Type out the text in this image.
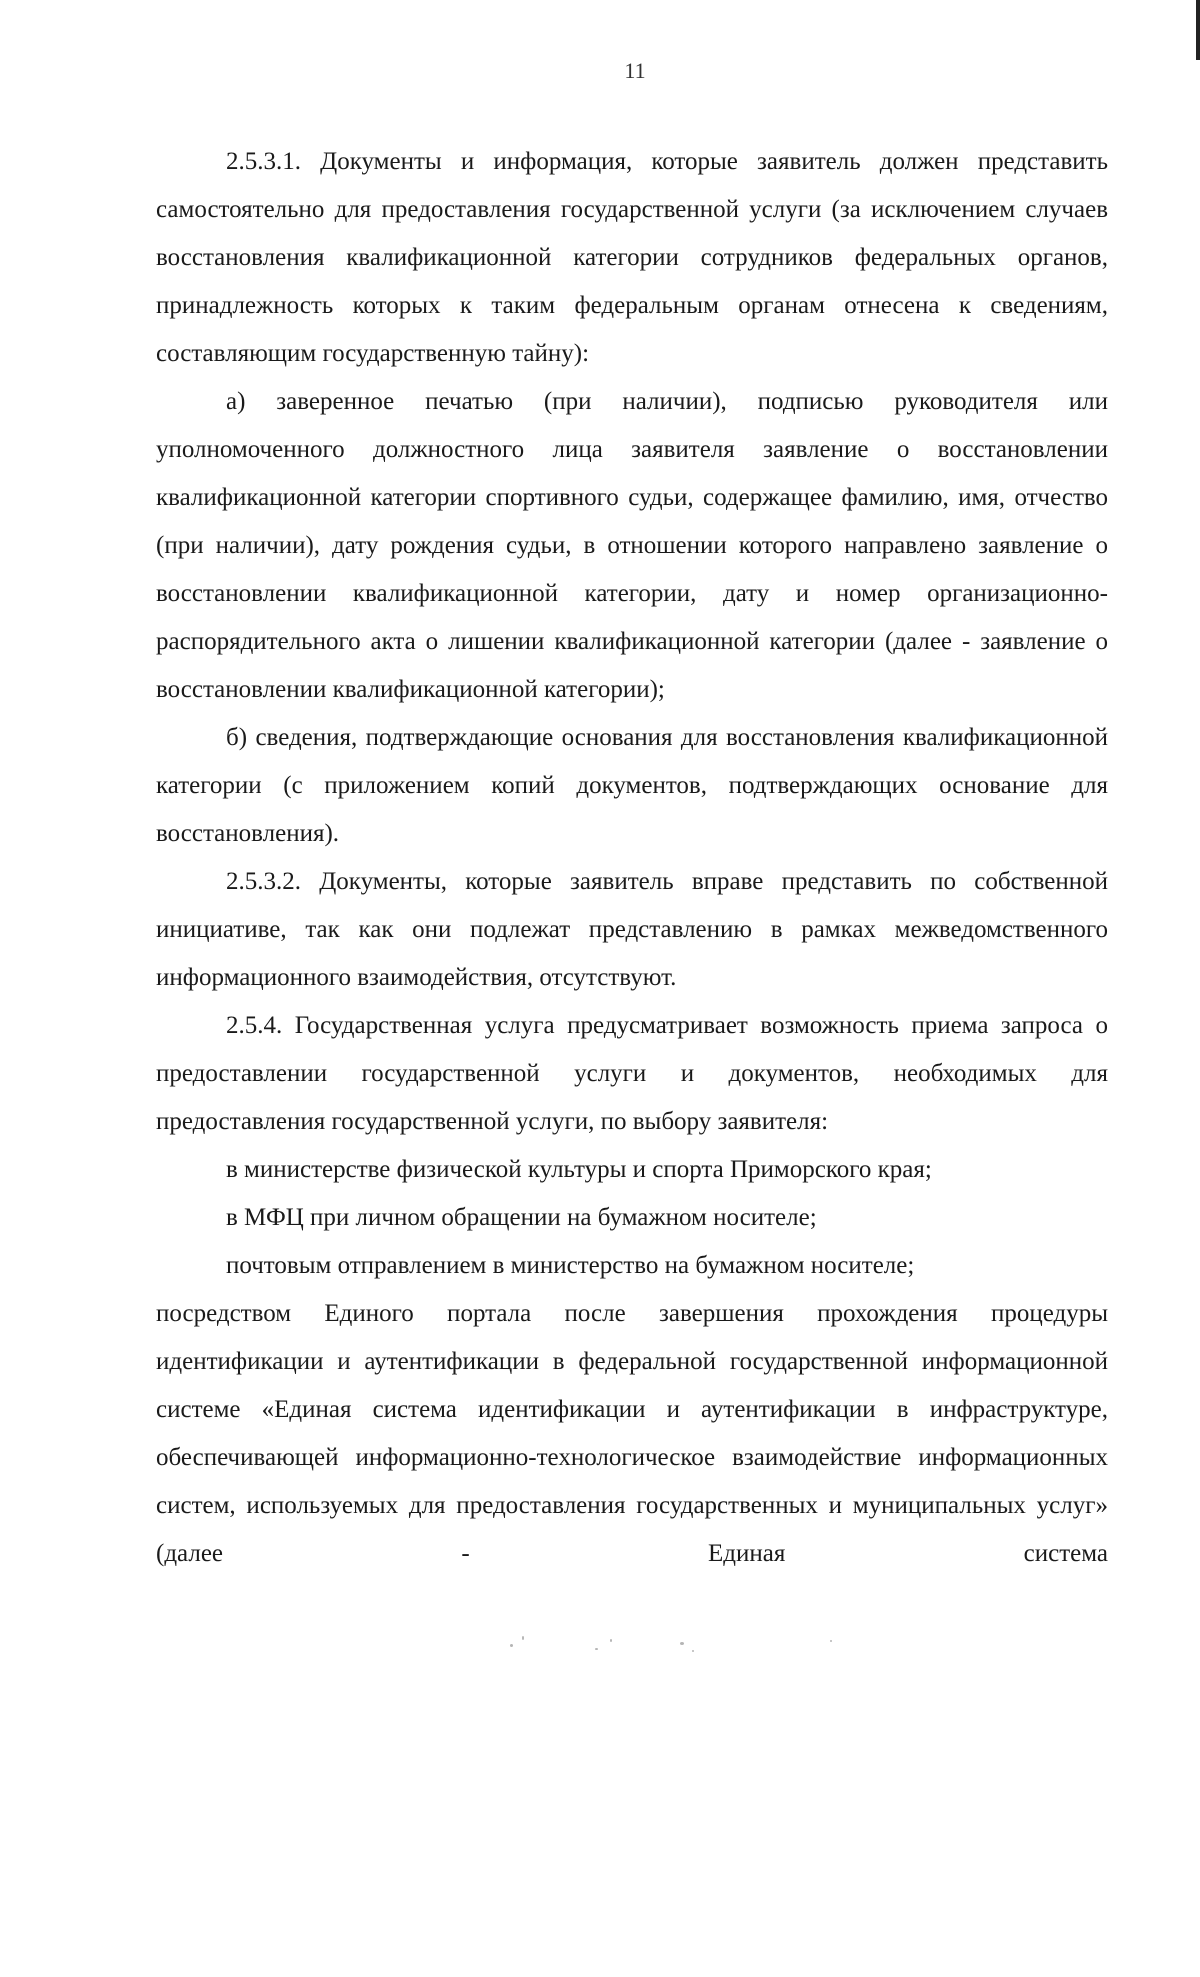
11

2.5.3.1. Документы и информация, которые заявитель должен представить самостоятельно для предоставления государственной услуги (за исключением случаев восстановления квалификационной категории сотрудников федеральных органов, принадлежность которых к таким федеральным органам отнесена к сведениям, составляющим государственную тайну):

а) заверенное печатью (при наличии), подписью руководителя или уполномоченного должностного лица заявителя заявление о восстановлении квалификационной категории спортивного судьи, содержащее фамилию, имя, отчество (при наличии), дату рождения судьи, в отношении которого направлено заявление о восстановлении квалификационной категории, дату и номер организационно-распорядительного акта о лишении квалификационной категории (далее - заявление о восстановлении квалификационной категории);

б) сведения, подтверждающие основания для восстановления квалификационной категории (с приложением копий документов, подтверждающих основание для восстановления).

2.5.3.2. Документы, которые заявитель вправе представить по собственной инициативе, так как они подлежат представлению в рамках межведомственного информационного взаимодействия, отсутствуют.

2.5.4. Государственная услуга предусматривает возможность приема запроса о предоставлении государственной услуги и документов, необходимых для предоставления государственной услуги, по выбору заявителя:

в министерстве физической культуры и спорта Приморского края;

в МФЦ при личном обращении на бумажном носителе;

почтовым отправлением в министерство на бумажном носителе;

посредством Единого портала после завершения прохождения процедуры идентификации и аутентификации в федеральной государственной информационной системе «Единая система идентификации и аутентификации в инфраструктуре, обеспечивающей информационно-технологическое взаимодействие информационных систем, используемых для предоставления государственных и муниципальных услуг» (далее - Единая система
